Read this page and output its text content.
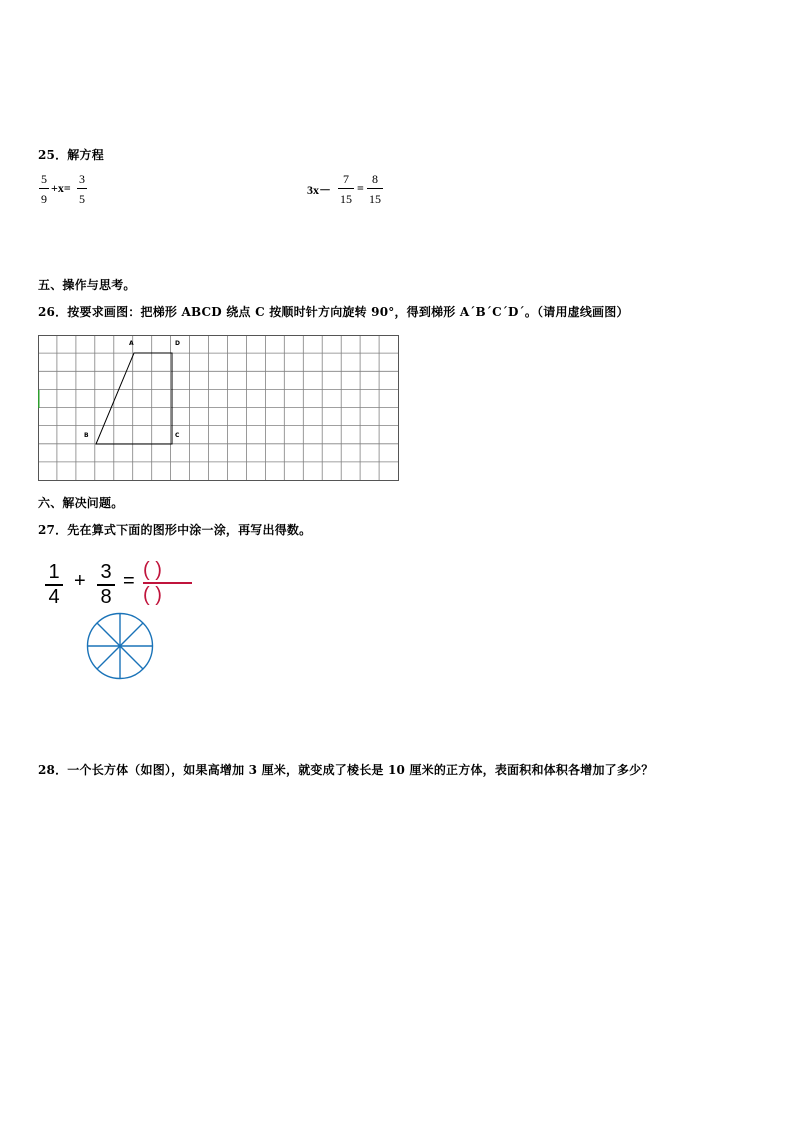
25．解方程
5
9
+x=
3
5
3x－
7
15
=
8
15
五、操作与思考。
26．按要求画图：把梯形 ABCD 绕点 C 按顺时针方向旋转 90°，得到梯形 A´B´C´D´。（请用虚线画图）
A	D
B	C
六、解决问题。
27．先在算式下面的图形中涂一涂，再写出得数。
1
4
+ 3
8
= ( )
( )
28．一个长方体（如图），如果高增加 3 厘米，就变成了棱长是 10 厘米的正方体，表面积和体积各增加了多少？
